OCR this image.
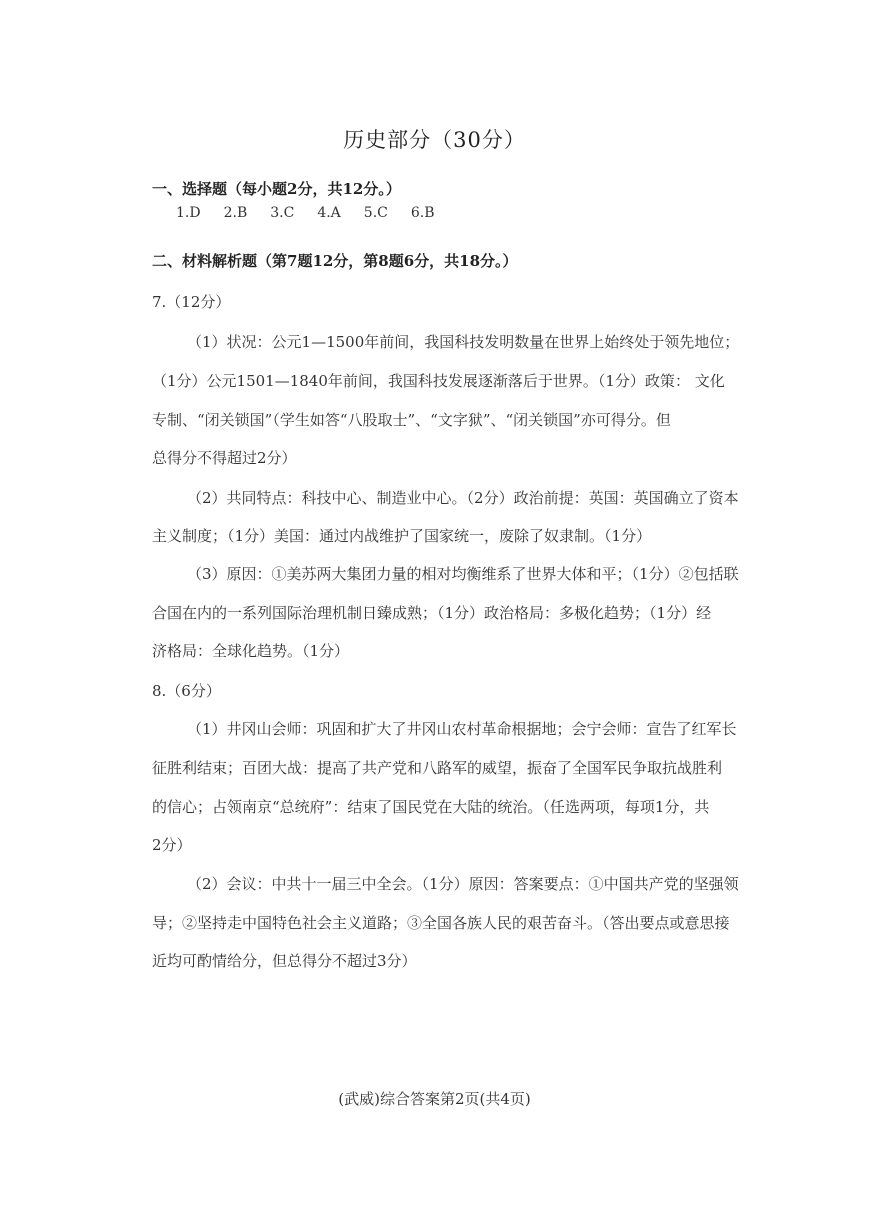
历史部分（30分）
一、选择题（每小题2分，共12分。）
1.D 2.B 3.C 4.A 5.C 6.B
二、材料解析题（第7题12分，第8题6分，共18分。）
7.（12分）
（1）状况：公元1—1500年前间，我国科技发明数量在世界上始终处于领先地位；
（1分）公元1501—1840年前间，我国科技发展逐渐落后于世界。（1分）政策： 文化
专制、“闭关锁国”（学生如答“八股取士”、“文字狱”、“闭关锁国”亦可得分。但
总得分不得超过2分）
（2）共同特点：科技中心、制造业中心。（2分）政治前提：英国：英国确立了资本
主义制度；（1分）美国：通过内战维护了国家统一，废除了奴隶制。（1分）
（3）原因：①美苏两大集团力量的相对均衡维系了世界大体和平；（1分）②包括联
合国在内的一系列国际治理机制日臻成熟；（1分）政治格局：多极化趋势；（1分）经
济格局：全球化趋势。（1分）
8.（6分）
（1）井冈山会师：巩固和扩大了井冈山农村革命根据地；会宁会师：宣告了红军长
征胜利结束；百团大战：提高了共产党和八路军的威望，振奋了全国军民争取抗战胜利
的信心；占领南京“总统府”：结束了国民党在大陆的统治。（任选两项，每项1分，共
2分）
（2）会议：中共十一届三中全会。（1分）原因：答案要点：①中国共产党的坚强领
导；②坚持走中国特色社会主义道路；③全国各族人民的艰苦奋斗。（答出要点或意思接
近均可酌情给分，但总得分不超过3分）
(武威)综合答案第2页(共4页)
